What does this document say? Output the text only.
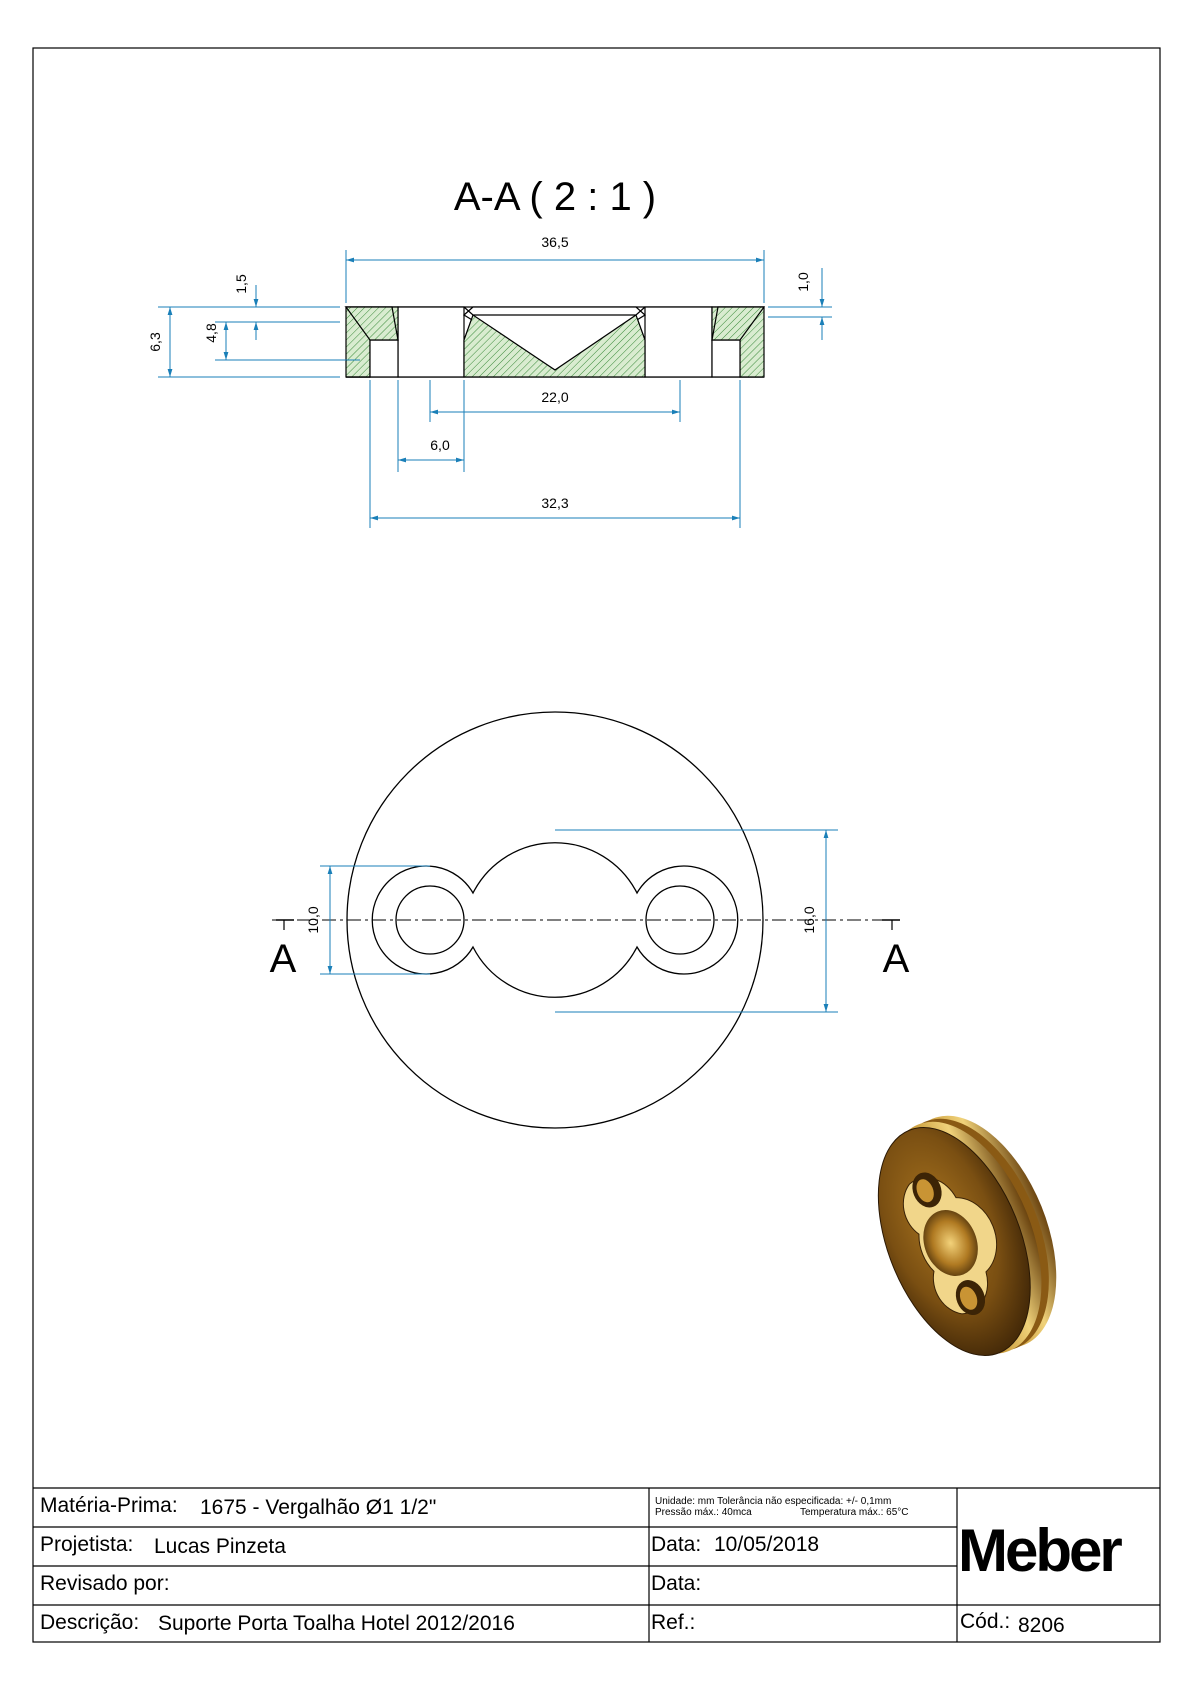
A-A ( 2 : 1 )
36,5
22,0
6,0
32,3
6,3	4,8
1,5	1,0
A	A
10,0	16,0
Matéria-Prima: 1675 - Vergalhão Ø1 1/2"
Projetista: Lucas Pinzeta
Revisado por:
Descrição: Suporte Porta Toalha Hotel 2012/2016
Unidade: mm Tolerância não especificada: +/- 0,1mm
Pressão máx.: 40mca	Temperatura máx.: 65°C
Data: 10/05/2018
Data:
Ref.:
Meber
Cód.: 8206
